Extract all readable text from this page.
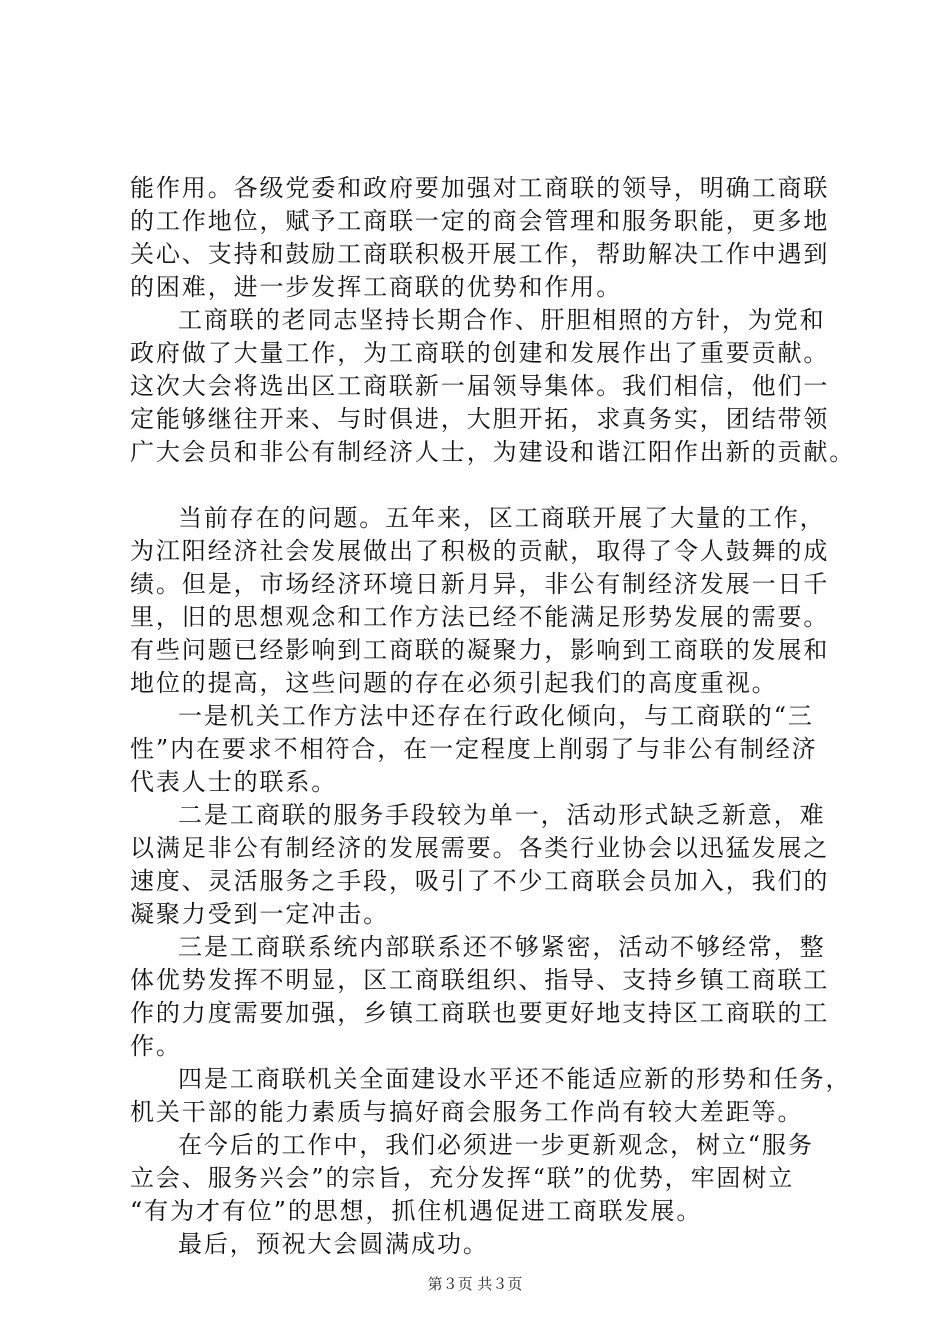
能作用。各级党委和政府要加强对工商联的领导，明确工商联
的工作地位，赋予工商联一定的商会管理和服务职能，更多地
关心、支持和鼓励工商联积极开展工作，帮助解决工作中遇到
的困难，进一步发挥工商联的优势和作用。
工商联的老同志坚持长期合作、肝胆相照的方针，为党和
政府做了大量工作，为工商联的创建和发展作出了重要贡献。
这次大会将选出区工商联新一届领导集体。我们相信，他们一
定能够继往开来、与时俱进，大胆开拓，求真务实，团结带领
广大会员和非公有制经济人士，为建设和谐江阳作出新的贡献。
当前存在的问题。五年来，区工商联开展了大量的工作，
为江阳经济社会发展做出了积极的贡献，取得了令人鼓舞的成
绩。但是，市场经济环境日新月异，非公有制经济发展一日千
里，旧的思想观念和工作方法已经不能满足形势发展的需要。
有些问题已经影响到工商联的凝聚力，影响到工商联的发展和
地位的提高，这些问题的存在必须引起我们的高度重视。
一是机关工作方法中还存在行政化倾向，与工商联的“三
性”内在要求不相符合，在一定程度上削弱了与非公有制经济
代表人士的联系。
二是工商联的服务手段较为单一，活动形式缺乏新意，难
以满足非公有制经济的发展需要。各类行业协会以迅猛发展之
速度、灵活服务之手段，吸引了不少工商联会员加入，我们的
凝聚力受到一定冲击。
三是工商联系统内部联系还不够紧密，活动不够经常，整
体优势发挥不明显，区工商联组织、指导、支持乡镇工商联工
作的力度需要加强，乡镇工商联也要更好地支持区工商联的工
作。
四是工商联机关全面建设水平还不能适应新的形势和任务，
机关干部的能力素质与搞好商会服务工作尚有较大差距等。
在今后的工作中，我们必须进一步更新观念，树立“服务
立会、服务兴会”的宗旨，充分发挥“联”的优势，牢固树立
“有为才有位”的思想，抓住机遇促进工商联发展。
最后，预祝大会圆满成功。
第３页 共３页
